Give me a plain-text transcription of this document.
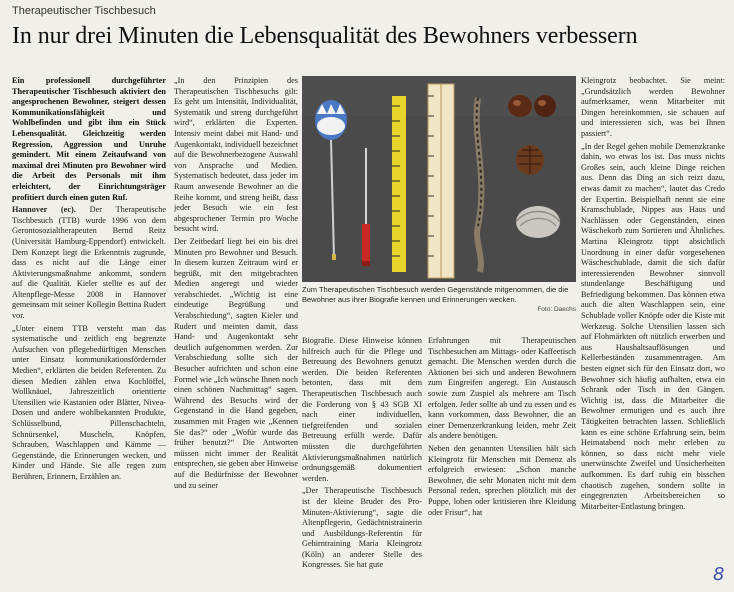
Therapeutischer Tischbesuch
In nur drei Minuten die Lebensqualität des Bewohners verbessern

Ein professionell durchgeführter Therapeutischer Tischbesuch aktiviert den angesprochenen Bewohner, steigert dessen Kommunikationsfähigkeit und Wohlbefinden und gibt ihm ein Stück Lebensqualität. Gleichzeitig werden Regression, Aggression und Unruhe gemindert. Mit einem Zeitaufwand von maximal drei Minuten pro Bewohner wird die Arbeit des Personals mit ihm erleichtert, der Einrichtungsträger profitiert durch einen guten Ruf.

Hannover (ec). Der Therapeutische Tischbesuch (TTB) wurde 1996 von dem Gerontosozialtherapeuten Bernd Reitz (Universität Hamburg-Eppendorf) entwickelt. Dem Konzept liegt die Erkenntnis zugrunde, dass es nicht auf die Länge einer Aktivierungsmaßnahme ankommt, sondern auf die Qualität. Kieler stellte es auf der Altenpflege-Messe 2008 in Hannover gemeinsam mit seiner Kollegin Bettina Rudert vor.

„Unter einem TTB versteht man das systematische und zeitlich eng begrenzte Aufsuchen von pflegebedürftigen Menschen unter Einsatz kommunikationsfördernder Medien“, erklärten die beiden Referenten. Zu diesen Medien zählen etwa Kochlöffel, Wollknäuel, Jahreszeitlich orientierte Utensilien wie Kastanien oder Blätter, Nivea-Dosen und andere wohlbekannten Produkte, Schlüsselbund, Pillenschachteln, Schnürsenkel, Muscheln, Knöpfen, Schrauben, Waschlappen und Kämme — Gegenstände, die Erinnerungen wecken, und Kinder und Hände. Sie alle regen zum Berühren, Erinnern, Erzählen an.

„In den Prinzipien des Therapeutischen Tischbesuchs gilt: Es geht um Intensität, Individualität, Systematik und streng durchgeführt wird“, erklärten die Experten. Intensiv meint dabei mit Hand- und Augenkontakt, individuell bezeichnet auf die Bewohnerbezogene Auswahl von Ansprache und Medien. Systematisch bedeutet, dass jeder im Raum anwesende Bewohner an die Reihe kommt, und streng heißt, dass jeder Besuch wie ein fest abgesprochener Termin pro Woche besucht wird.

Der Zeitbedarf liegt bei ein bis drei Minuten pro Bewohner und Besuch. In diesem kurzen Zeitraum wird er begrüßt, mit den mitgebrachten Medien angeregt und wieder verabschiedet. „Wichtig ist eine eindeutige Begrüßung und Verabschiedung“, sagten Kieler und Rudert und meinten damit, dass Hand- und Augenkontakt sehr deutlich aufgenommen werden. Zur Verabschiedung sollte sich der Besucher aufrichten und schon eine Formel wie „Ich wünsche Ihnen noch einen schönen Nachmittag“ sagen. Während des Besuchs wird der Gegenstand in die Hand gegeben, zusammen mit Fragen wie „Kennen Sie das?“ oder „Wofür wurde das früher benutzt?“ Die Antworten müssen nicht immer der Realität entsprechen, sie geben aber Hinweise auf die Bedürfnisse der Bewohner und zu seiner

Zum Therapeutischen Tischbesuch werden Gegenstände mitgenommen, die die Bewohner aus ihrer Biografie kennen und Erinnerungen wecken.
Foto: Daechs

Biografie. Diese Hinweise können hilfreich auch für die Pflege und Betreuung des Bewohners genutzt werden. Die beiden Referenten betonten, dass mit dem Therapeutischen Tischbesuch auch die Forderung von § 43 SGB XI nach einer individuellen, tiefgreifenden und sozialen Betreuung erfüllt werde. Dafür müssten die durchgeführten Aktivierungsmaßnahmen natürlich ordnungsgemäß dokumentiert werden.

„Der Therapeutische Tischbesuch ist der kleine Bruder des Pro-Minuten-Aktivierung“, sagte die Altenpflegerin, Gedächtnistrainerin und Ausbildungs-Referentin für Gehirntraining Maria Kleingrotz (Köln) an anderer Stelle des Kongresses. Sie hat gute

Erfahrungen mit Therapeutischen Tischbesuchen am Mittags- oder Kaffeetisch gemacht. Die Menschen werden durch die Aktionen bei sich und anderen Bewohnern zum Eingreifen angeregt. Ein Austausch sowie zum Zuspiel als mehrere am Tisch erfolgen. Jeder sollte ab und zu essen und es kann vorkommen, dass Bewohner, die an einer Demenzerkrankung leiden, mehr Zeit als andere benötigen.

Neben den genannten Utensilien hält sich Kleingrotz für Menschen mit Demenz als erfolgreich erwiesen: „Schon manche Bewohner, die sehr Monaten nicht mit dem Personal reden, sprechen plötzlich mit der Puppe, loben oder kritisieren ihre Kleidung oder Frisur“, hat

Kleingrotz beobachtet. Sie meint: „Grundsätzlich werden Bewohner aufmerksamer, wenn Mitarbeiter mit Dingen hereinkommen, sie schauen auf und interessieren sich, was bei Ihnen passiert“.

„In der Regel gehen mobile Demenzkranke dahin, wo etwas los ist. Das muss nichts Großes sein, auch kleine Dinge reichen aus. Denn das Ding an sich reizt dazu, etwas damit zu machen“, lautet das Credo der Expertin. Beispielhaft nennt sie eine Kramschublade, Nippes aus Haus und Nachlässen oder Gegenständen, einen Wäschekorb zum Sortieren und Ähnliches. Martina Kleingrotz tippt absichtlich Unordnung in einer dafür vorgesehenen Wäscheschublade, damit die sich dafür interessierenden Bewohner sinnvoll stundenlange Beschäftigung und Befriedigung bekommen. Das können etwa auch die alten Waschlappen sein, eine Schublade voller Knöpfe oder die Kiste mit Werkzeug. Solche Utensilien lassen sich auf Flohmärkten oft nützlich erwerben und aus Haushaltsauflösungen und Kellerbeständen zusammentragen. Am besten eignet sich für den Einsatz dort, wo Bewohner sich häufig aufhalten, etwa ein Schrank oder Tisch in den Gängen. Wichtig ist, dass die Mitarbeiter die Bewohner ermutigen und es auch ihre Tätigkeiten betrachten lassen. Schließlich kann es eine schöne Erfahrung sein, beim Heimatabend noch mehr erleben zu können, so dass nicht mehr viele unerwünschte Zweifel und Unsicherheiten aufkommen. Es darf ruhig ein bisschen chaotisch zugehen, sondern sollte in eingegrenzten Arbeitsbereichen so Mitarbeiter-Entlastung bringen.

8
